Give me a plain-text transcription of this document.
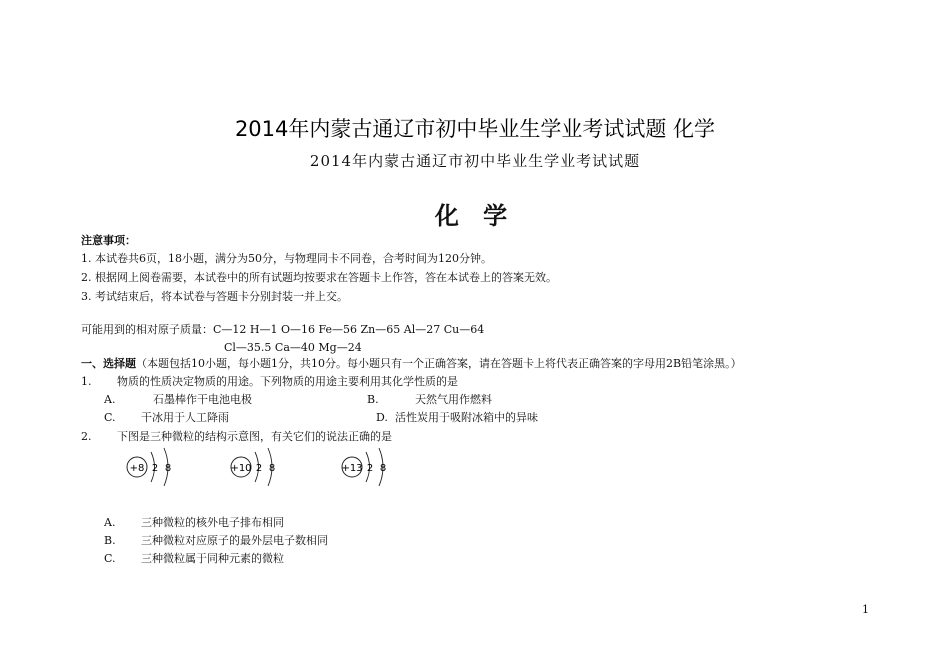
2014年内蒙古通辽市初中毕业生学业考试试题 化学
2014年内蒙古通辽市初中毕业生学业考试试题
化 学
注意事项：
1. 本试卷共6页，18小题，满分为50分，与物理同卡不同卷，合考时间为120分钟。
2. 根据网上阅卷需要，本试卷中的所有试题均按要求在答题卡上作答，答在本试卷上的答案无效。
3. 考试结束后，将本试卷与答题卡分别封装一并上交。
可能用到的相对原子质量：C—12 H—1 O—16 Fe—56 Zn—65 Al—27 Cu—64
Cl—35.5 Ca—40 Mg—24
一、选择题（本题包括10小题，每小题1分，共10分。每小题只有一个正确答案，请在答题卡上将代表正确答案的字母用2B铅笔涂黑。）
1. 物质的性质决定物质的用途。下列物质的用途主要利用其化学性质的是
A.	石墨棒作干电池电极	B.	天然气用作燃料
C. 干冰用于人工降雨	D. 活性炭用于吸附冰箱中的异味
2. 下图是三种微粒的结构示意图，有关它们的说法正确的是
+8 2 8	+10 2 8	+13 2 8
A. 三种微粒的核外电子排布相同
B. 三种微粒对应原子的最外层电子数相同
C. 三种微粒属于同种元素的微粒
1
